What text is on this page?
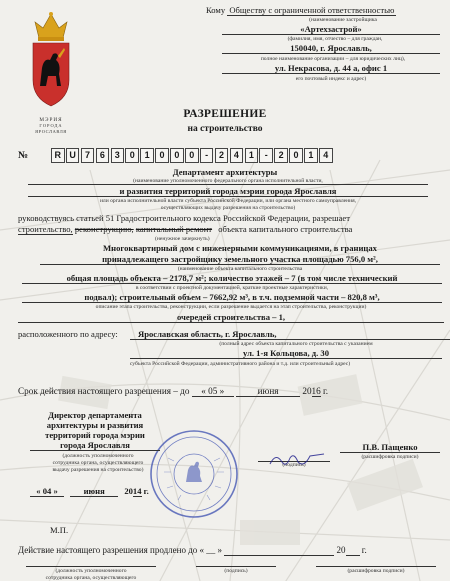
МЭРИЯ
ГОРОДА
ЯРОСЛАВЛЯ
Кому Обществу с ограниченной ответственностью
(наименование застройщика
«Артехзастрой»
(фамилия, имя, отчество – для граждан,
150040, г. Ярославль,
полное наименование организации – для юридических лиц),
ул. Некрасова, д. 44 а, офис 1
его почтовый индекс и адрес)
РАЗРЕШЕНИЕ
на строительство
№	R U	7	6	3	0	1	0	0	0	-	2	4	1	-	2	0	1	4
Департамент архитектуры
(наименование уполномоченного федерального органа исполнительной власти,
и развития территорий города мэрии города Ярославля
или органа исполнительной власти субъекта Российской Федерации, или органа местного самоуправления,
осуществляющих выдачу разрешения на строительство)
руководствуясь статьей 51 Градостроительного кодекса Российской Федерации, разрешает
строительство, реконструкцию, капитальный ремонт объекта капитального строительства
(ненужное зачеркнуть)
Многоквартирный дом с инженерными коммуникациями, в границах
принадлежащего застройщику земельного участка площадью 756,0 м²,
(наименование объекта капитального строительства
общая площадь объекта – 2178,7 м²; количество этажей – 7 (в том числе технический
в соответствии с проектной документацией, краткие проектные характеристики,
подвал); строительный объем – 7662,92 м³, в т.ч. подземной части – 820,8 м³,
описание этапа строительства, реконструкции, если разрешение выдается на этап строительства, реконструкции)
очередей строительства – 1,
расположенного по адресу:	Ярославская область, г. Ярославль,
(полный адрес объекта капитального строительства с указанием
ул. 1-я Кольцова, д. 30
субъекта Российской Федерации, административного района и т.д. или строительный адрес)
Срок действия настоящего разрешения – до « 05 »	июня	2016 г.
Директор департамента
архитектуры и развития
территорий города мэрии
города Ярославля	П.В. Пащенко
(должность уполномоченного
сотрудника органа, осуществляющего
выдачу разрешения на строительство)
(подпись)
(расшифровка подписи)
« 04 »	июня 2014 г.
М.П.
Действие настоящего разрешения продлено до « __ »	20 г.
(должность уполномоченного
сотрудника органа, осуществляющего
(подпись)	(расшифровка подписи)
